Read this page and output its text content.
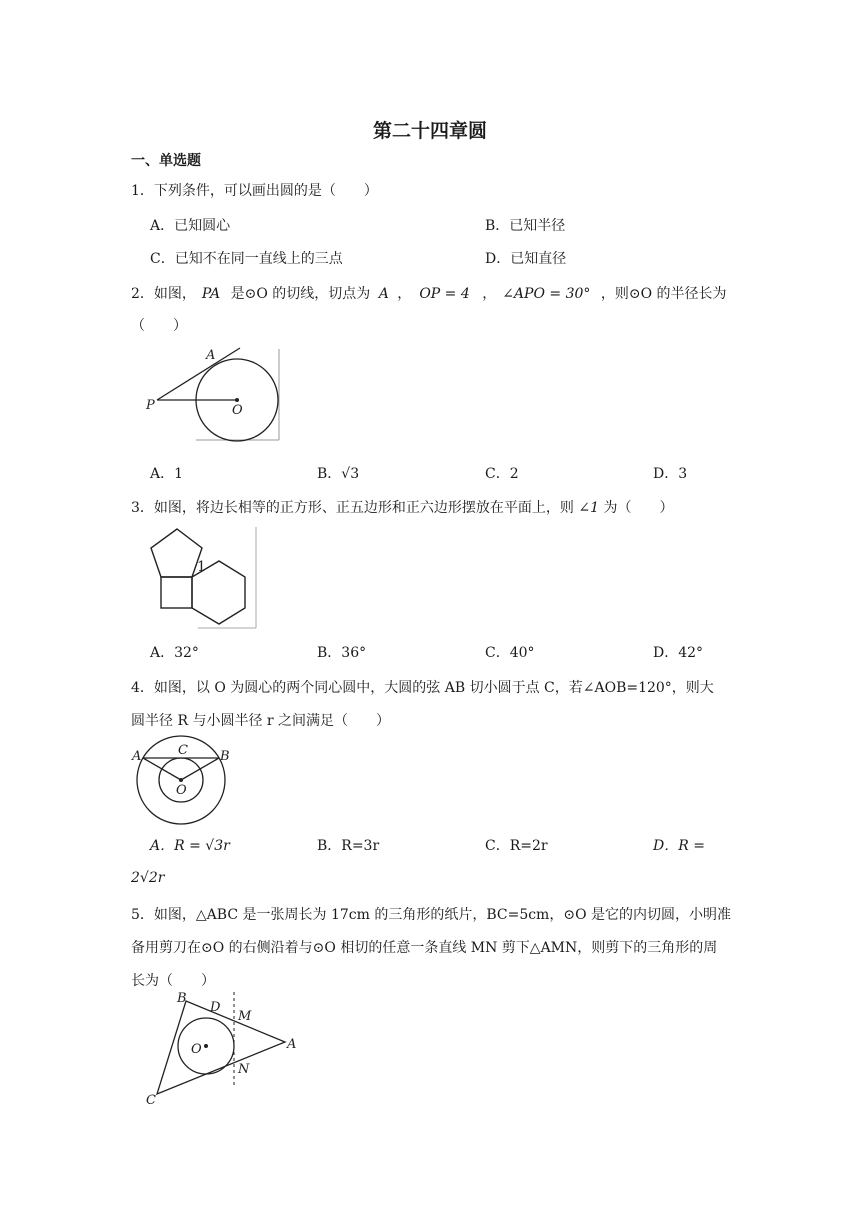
第二十四章圆
一、单选题
1．下列条件，可以画出圆的是（　　）
A．已知圆心	B．已知半径
C．已知不在同一直线上的三点	D．已知直径
2．如图， PA 是⊙O 的切线，切点为 A ， OP = 4 ， ∠APO = 30° ，则⊙O 的半径长为
（　　）
A
P	O
A．1	B．√3	C．2	D．3
3．如图，将边长相等的正方形、正五边形和正六边形摆放在平面上，则 ∠1 为（　　）
1
A．32°	B．36°	C．40°	D．42°
4．如图，以 O 为圆心的两个同心圆中，大圆的弦 AB 切小圆于点 C，若∠AOB=120°，则大
圆半径 R 与小圆半径 r 之间满足（　　）
A	B
C
O
A．R = √3r	B．R=3r	C．R=2r	D．R =
2√2r
5．如图，△ABC 是一张周长为 17cm 的三角形的纸片，BC=5cm，⊙O 是它的内切圆，小明准
备用剪刀在⊙O 的右侧沿着与⊙O 相切的任意一条直线 MN 剪下△AMN，则剪下的三角形的周
长为（　　）
B
D
M
A
N
O
C
